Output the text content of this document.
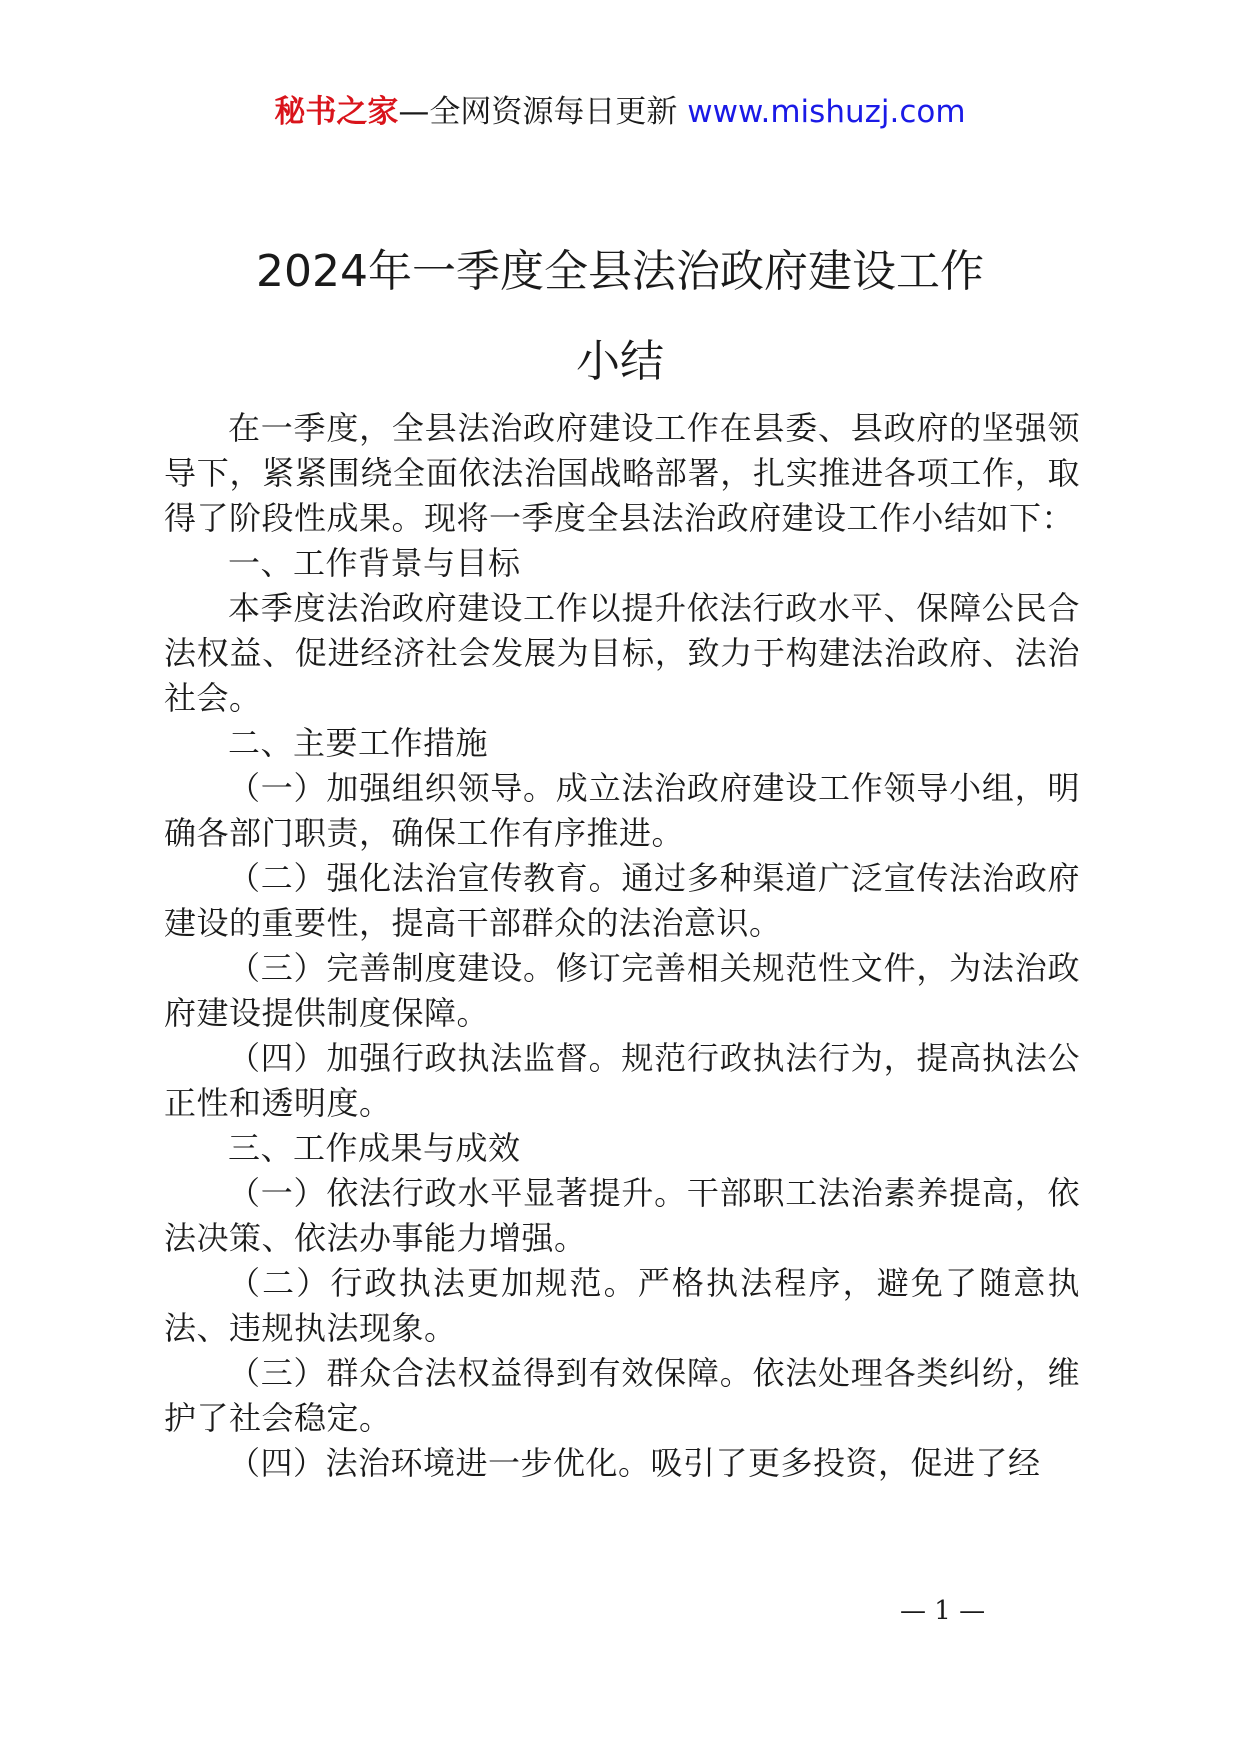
秘书之家—全网资源每日更新 www.mishuzj.com
2024年一季度全县法治政府建设工作
小结

在一季度，全县法治政府建设工作在县委、县政府的坚强领导下，紧紧围绕全面依法治国战略部署，扎实推进各项工作，取得了阶段性成果。现将一季度全县法治政府建设工作小结如下：

一、工作背景与目标

本季度法治政府建设工作以提升依法行政水平、保障公民合法权益、促进经济社会发展为目标，致力于构建法治政府、法治社会。

二、主要工作措施

（一）加强组织领导。成立法治政府建设工作领导小组，明确各部门职责，确保工作有序推进。

（二）强化法治宣传教育。通过多种渠道广泛宣传法治政府建设的重要性，提高干部群众的法治意识。

（三）完善制度建设。修订完善相关规范性文件，为法治政府建设提供制度保障。

（四）加强行政执法监督。规范行政执法行为，提高执法公正性和透明度。

三、工作成果与成效

（一）依法行政水平显著提升。干部职工法治素养提高，依法决策、依法办事能力增强。

（二）行政执法更加规范。严格执法程序，避免了随意执法、违规执法现象。

（三）群众合法权益得到有效保障。依法处理各类纠纷，维护了社会稳定。

（四）法治环境进一步优化。吸引了更多投资，促进了经

— 1 —
